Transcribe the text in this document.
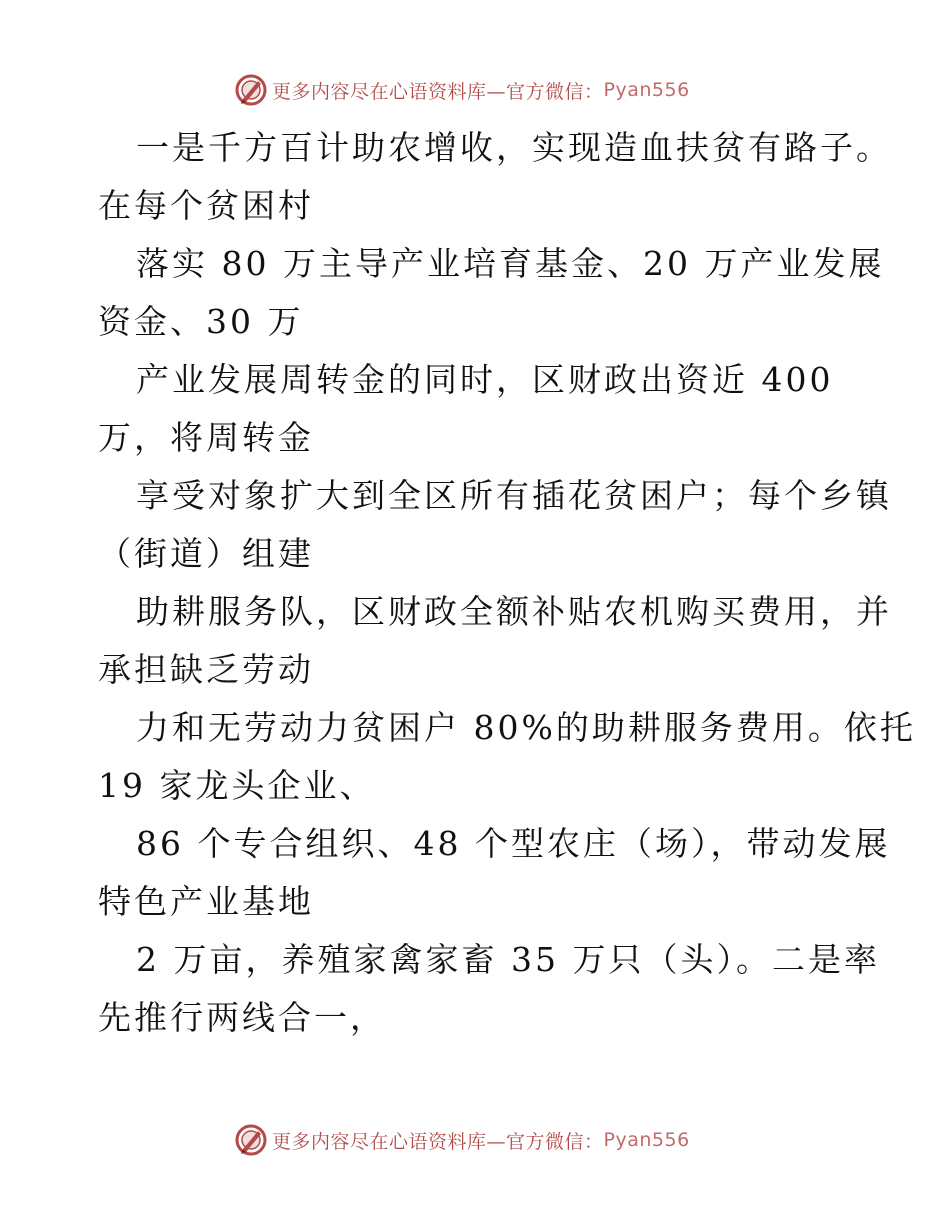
更多内容尽在心语资料库— 官方微信： Pyan556
一是千方百计助农增收，实现造血扶贫有路子。
在每个贫困村
落实 80 万主导产业培育基金、20 万产业发展
资金、30 万
产业发展周转金的同时，区财政出资近 400
万，将周转金
享受对象扩大到全区所有插花贫困户；每个乡镇
（街道）组建
助耕服务队，区财政全额补贴农机购买费用，并
承担缺乏劳动
力和无劳动力贫困户 80%的助耕服务费用。依托
19 家龙头企业、
86 个专合组织、48 个型农庄（场），带动发展
特色产业基地
2 万亩，养殖家禽家畜 35 万只（头）。二是率
先推行两线合一，
更多内容尽在心语资料库— 官方微信： Pyan556
